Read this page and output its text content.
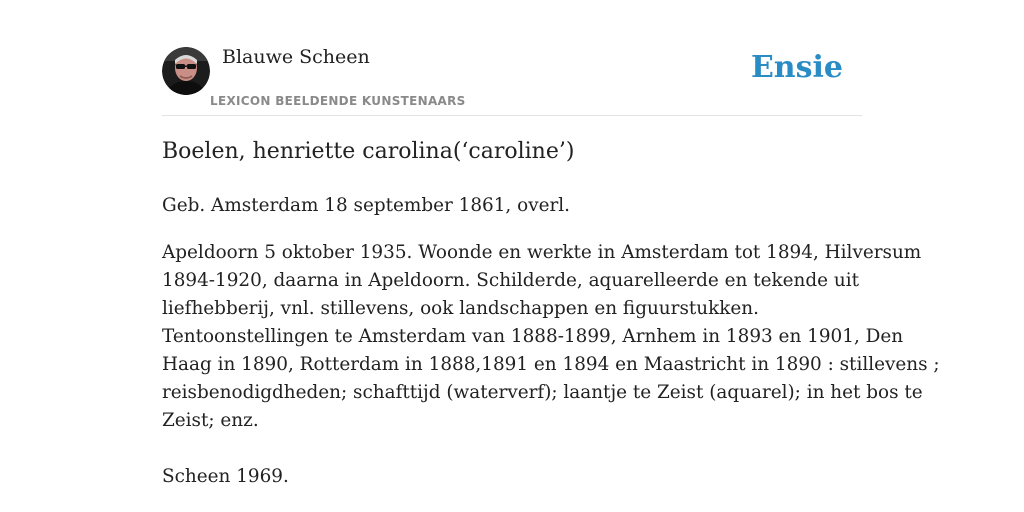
Blauwe Scheen
LEXICON BEELDENDE KUNSTENAARS
Ensie
Boelen, henriette carolina(‘caroline’)

Geb. Amsterdam 18 september 1861, overl.

Apeldoorn 5 oktober 1935. Woonde en werkte in Amsterdam tot 1894, Hilversum
1894-1920, daarna in Apeldoorn. Schilderde, aquarelleerde en tekende uit
liefhebberij, vnl. stillevens, ook landschappen en figuurstukken.
Tentoonstellingen te Amsterdam van 1888-1899, Arnhem in 1893 en 1901, Den
Haag in 1890, Rotterdam in 1888,1891 en 1894 en Maastricht in 1890 : stillevens ;
reisbenodigdheden; schafttijd (waterverf); laantje te Zeist (aquarel); in het bos te
Zeist; enz.

Scheen 1969.
